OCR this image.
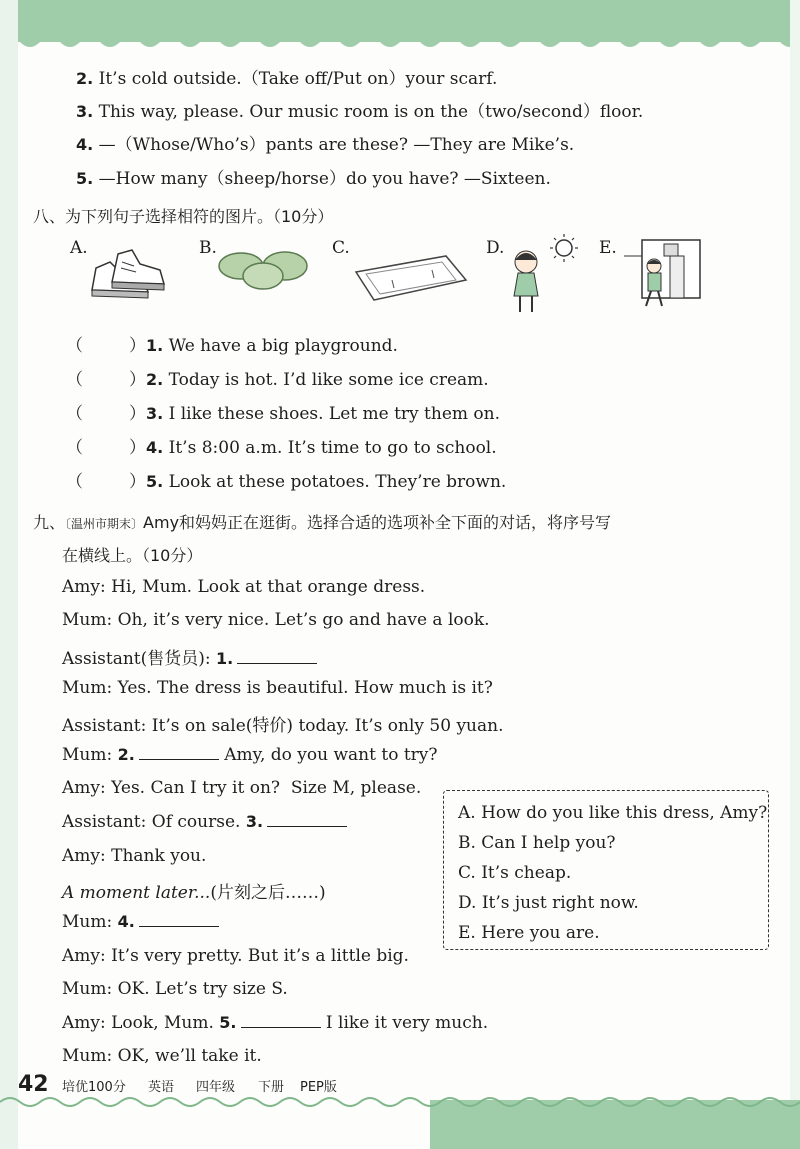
2. It’s cold outside.（Take off/Put on）your scarf.
3. This way, please. Our music room is on the（two/second）floor.
4. —（Whose/Who’s）pants are these? —They are Mike’s.
5. —How many（sheep/horse）do you have? —Sixteen.
八、为下列句子选择相符的图片。（10分）
A.	B.	C.	D.	E.
（	）1. We have a big playground.
（	）2. Today is hot. I’d like some ice cream.
（	）3. I like these shoes. Let me try them on.
（	）4. It’s 8:00 a.m. It’s time to go to school.
（	）5. Look at these potatoes. They’re brown.
九、〔温州市期末〕Amy和妈妈正在逛街。选择合适的选项补全下面的对话，将序号写
在横线上。（10分）
Amy: Hi, Mum. Look at that orange dress.
Mum: Oh, it’s very nice. Let’s go and have a look.
Assistant(售货员): 1.
Mum: Yes. The dress is beautiful. How much is it?
Assistant: It’s on sale(特价) today. It’s only 50 yuan.
Mum: 2.	Amy, do you want to try?
Amy: Yes. Can I try it on?  Size M, please.
Assistant: Of course. 3.
Amy: Thank you.
A moment later...(片刻之后……)
Mum: 4.
Amy: It’s very pretty. But it’s a little big.
Mum: OK. Let’s try size S.
Amy: Look, Mum. 5.	I like it very much.
Mum: OK, we’ll take it.
A. How do you like this dress, Amy?
B. Can I help you?
C. It’s cheap.
D. It’s just right now.
E. Here you are.
42 培优100分 英语 四年级 下册 PEP版
